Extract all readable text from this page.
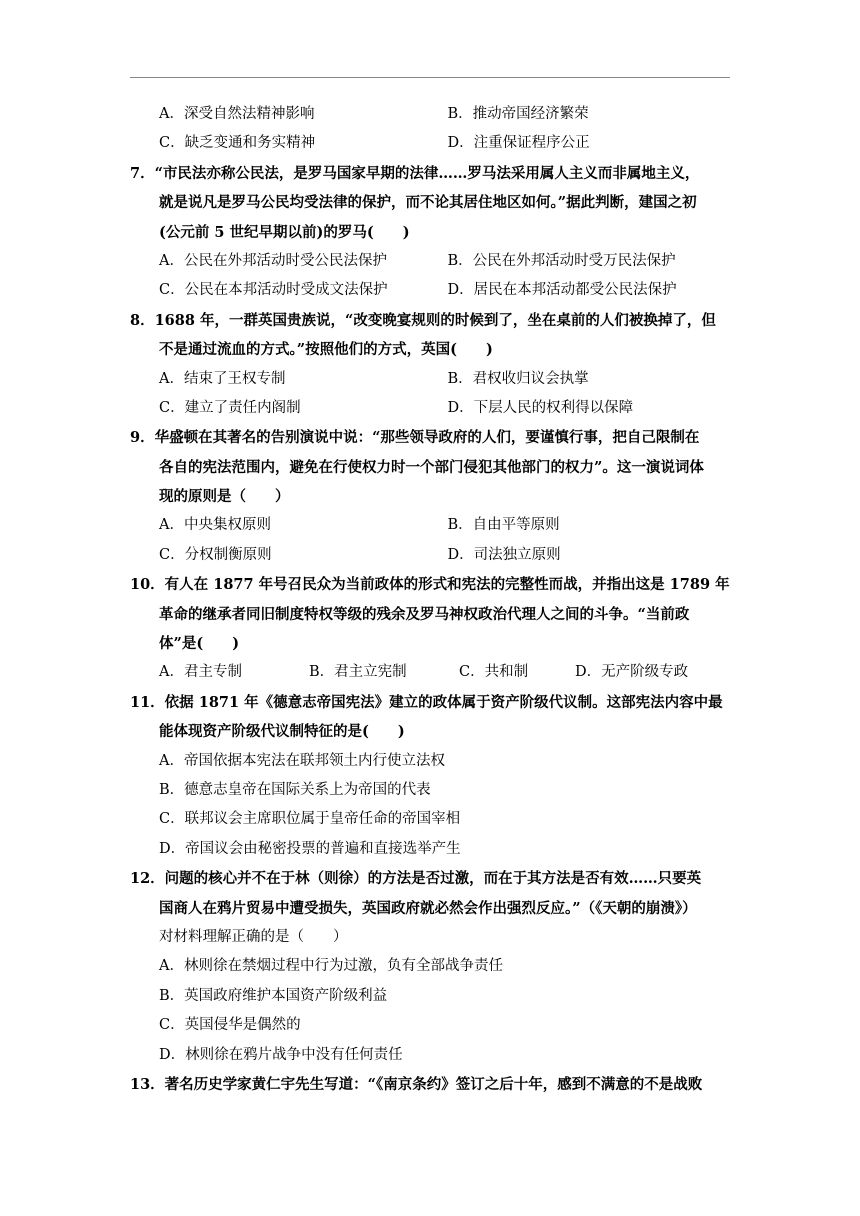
A．深受自然法精神影响	B．推动帝国经济繁荣
C．缺乏变通和务实精神	D．注重保证程序公正
7．“市民法亦称公民法，是罗马国家早期的法律……罗马法采用属人主义而非属地主义，
就是说凡是罗马公民均受法律的保护，而不论其居住地区如何。”据此判断，建国之初
(公元前 5 世纪早期以前)的罗马(　　)
A．公民在外邦活动时受公民法保护	B．公民在外邦活动时受万民法保护
C．公民在本邦活动时受成文法保护	D．居民在本邦活动都受公民法保护
8．1688 年，一群英国贵族说，“改变晚宴规则的时候到了，坐在桌前的人们被换掉了，但
不是通过流血的方式。”按照他们的方式，英国(　　)
A．结束了王权专制	B．君权收归议会执掌
C．建立了责任内阁制	D．下层人民的权利得以保障
9．华盛顿在其著名的告别演说中说：“那些领导政府的人们，要谨慎行事，把自己限制在
各自的宪法范围内，避免在行使权力时一个部门侵犯其他部门的权力”。这一演说词体
现的原则是（　　）
A．中央集权原则	B．自由平等原则
C．分权制衡原则	D．司法独立原则
10．有人在 1877 年号召民众为当前政体的形式和宪法的完整性而战，并指出这是 1789 年
革命的继承者同旧制度特权等级的残余及罗马神权政治代理人之间的斗争。“当前政
体”是(　　)
A．君主专制	B．君主立宪制	C．共和制	D．无产阶级专政
11．依据 1871 年《德意志帝国宪法》建立的政体属于资产阶级代议制。这部宪法内容中最
能体现资产阶级代议制特征的是(　　)
A．帝国依据本宪法在联邦领土内行使立法权
B．德意志皇帝在国际关系上为帝国的代表
C．联邦议会主席职位属于皇帝任命的帝国宰相
D．帝国议会由秘密投票的普遍和直接选举产生
12．问题的核心并不在于林（则徐）的方法是否过激，而在于其方法是否有效……只要英
国商人在鸦片贸易中遭受损失，英国政府就必然会作出强烈反应。”（《天朝的崩溃》）
对材料理解正确的是（　　）
A．林则徐在禁烟过程中行为过激，负有全部战争责任
B．英国政府维护本国资产阶级利益
C．英国侵华是偶然的
D．林则徐在鸦片战争中没有任何责任
13．著名历史学家黄仁宇先生写道：“《南京条约》签订之后十年，感到不满意的不是战败
